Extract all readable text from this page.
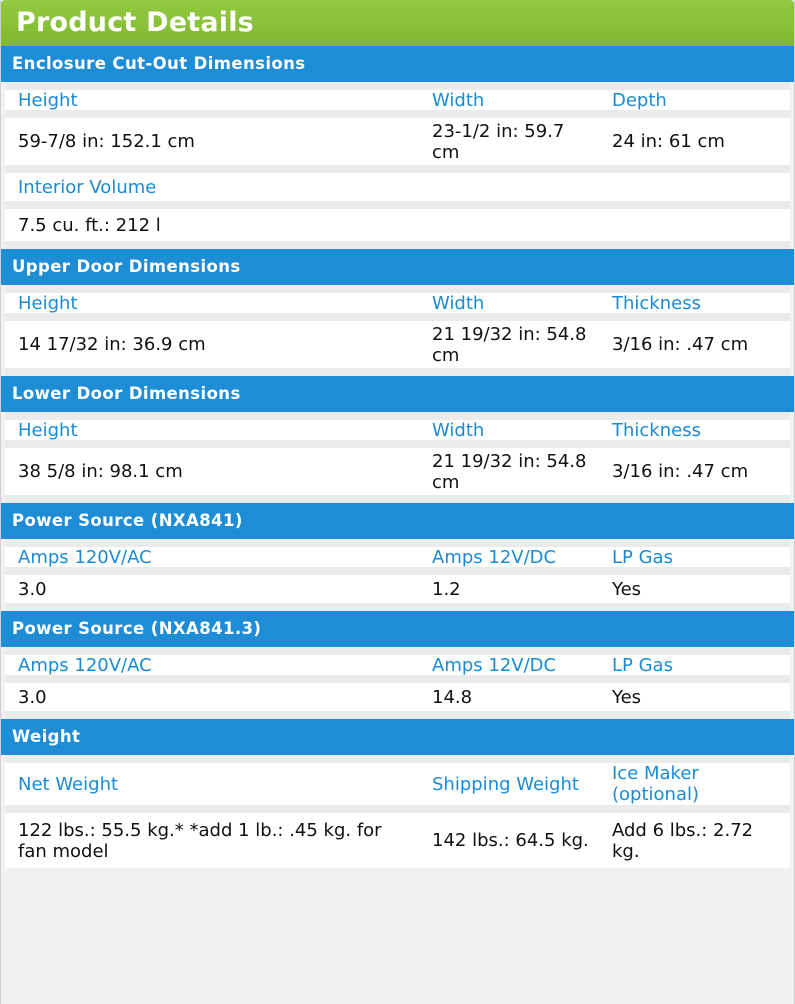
Product Details
Enclosure Cut-Out Dimensions
Height	Width	Depth
59-7/8 in: 152.1 cm	23-1/2 in: 59.7 cm	24 in: 61 cm
Interior Volume
7.5 cu. ft.: 212 l
Upper Door Dimensions
Height	Width	Thickness
14 17/32 in: 36.9 cm	21 19/32 in: 54.8 cm	3/16 in: .47 cm
Lower Door Dimensions
Height	Width	Thickness
38 5/8 in: 98.1 cm	21 19/32 in: 54.8 cm	3/16 in: .47 cm
Power Source (NXA841)
Amps 120V/AC	Amps 12V/DC	LP Gas
3.0	1.2	Yes
Power Source (NXA841.3)
Amps 120V/AC	Amps 12V/DC	LP Gas
3.0	14.8	Yes
Weight
Net Weight	Shipping Weight	Ice Maker (optional)
122 lbs.: 55.5 kg.* *add 1 lb.: .45 kg. for fan model	142 lbs.: 64.5 kg.	Add 6 lbs.: 2.72 kg.
